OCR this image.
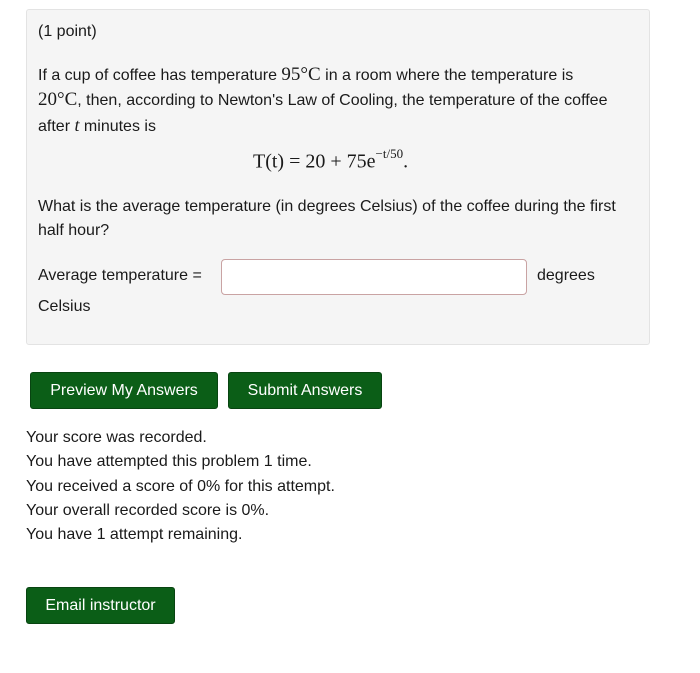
(1 point)
If a cup of coffee has temperature 95°C in a room where the temperature is
20°C, then, according to Newton's Law of Cooling, the temperature of the coffee after t minutes is
$T(t) = 20 + 75e^{-t/50}$.
What is the average temperature (in degrees Celsius) of the coffee during the first half hour?
Average temperature =	degrees
Celsius
Preview My Answers	Submit Answers
Your score was recorded.
You have attempted this problem 1 time.
You received a score of 0% for this attempt.
Your overall recorded score is 0%.
You have 1 attempt remaining.
Email instructor
